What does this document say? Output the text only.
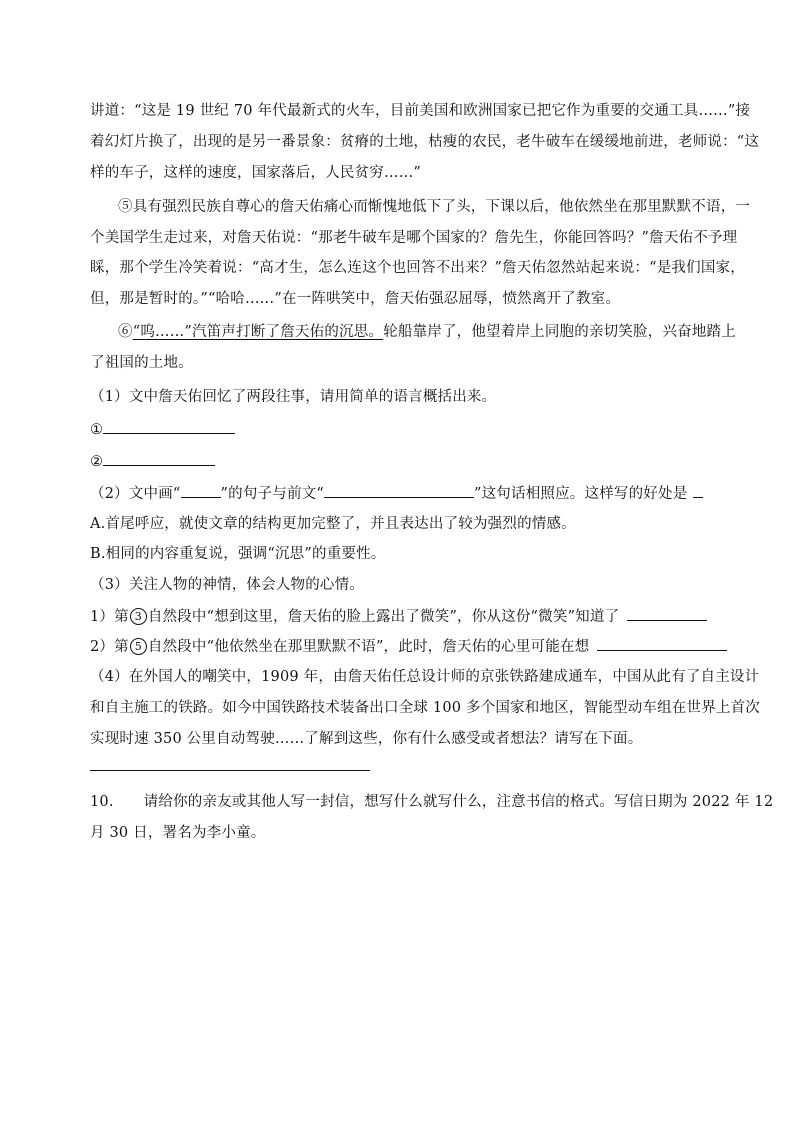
讲道：“这是 19 世纪 70 年代最新式的火车，目前美国和欧洲国家已把它作为重要的交通工具……”接
着幻灯片换了，出现的是另一番景象：贫瘠的土地，枯瘦的农民，老牛破车在缓缓地前进，老师说：“这
样的车子，这样的速度，国家落后，人民贫穷……”
⑤具有强烈民族自尊心的詹天佑痛心而惭愧地低下了头，下课以后，他依然坐在那里默默不语，一
个美国学生走过来，对詹天佑说：“那老牛破车是哪个国家的？詹先生，你能回答吗？”詹天佑不予理
睬，那个学生冷笑着说：“高才生，怎么连这个也回答不出来？”詹天佑忽然站起来说：“是我们国家，
但，那是暂时的。”“哈哈……”在一阵哄笑中，詹天佑强忍屈辱，愤然离开了教室。
⑥“呜……”汽笛声打断了詹天佑的沉思。轮船靠岸了，他望着岸上同胞的亲切笑脸，兴奋地踏上
了祖国的土地。
（1）文中詹天佑回忆了两段往事，请用简单的语言概括出来。
①
②
（2）文中画“	”的句子与前文“	”这句话相照应。这样写的好处是
A.首尾呼应，就使文章的结构更加完整了，并且表达出了较为强烈的情感。
B.相同的内容重复说，强调“沉思”的重要性。
（3）关注人物的神情，体会人物的心情。
1）第 3 自然段中“想到这里，詹天佑的脸上露出了微笑”，你从这份“微笑”知道了
2）第 5 自然段中“他依然坐在那里默默不语”，此时，詹天佑的心里可能在想
（4）在外国人的嘲笑中，1909 年，由詹天佑任总设计师的京张铁路建成通车，中国从此有了自主设计
和自主施工的铁路。如今中国铁路技术装备出口全球 100 多个国家和地区，智能型动车组在世界上首次
实现时速 350 公里自动驾驶……了解到这些，你有什么感受或者想法？请写在下面。
10. 请给你的亲友或其他人写一封信，想写什么就写什么，注意书信的格式。写信日期为 2022 年 12
月 30 日，署名为李小童。
